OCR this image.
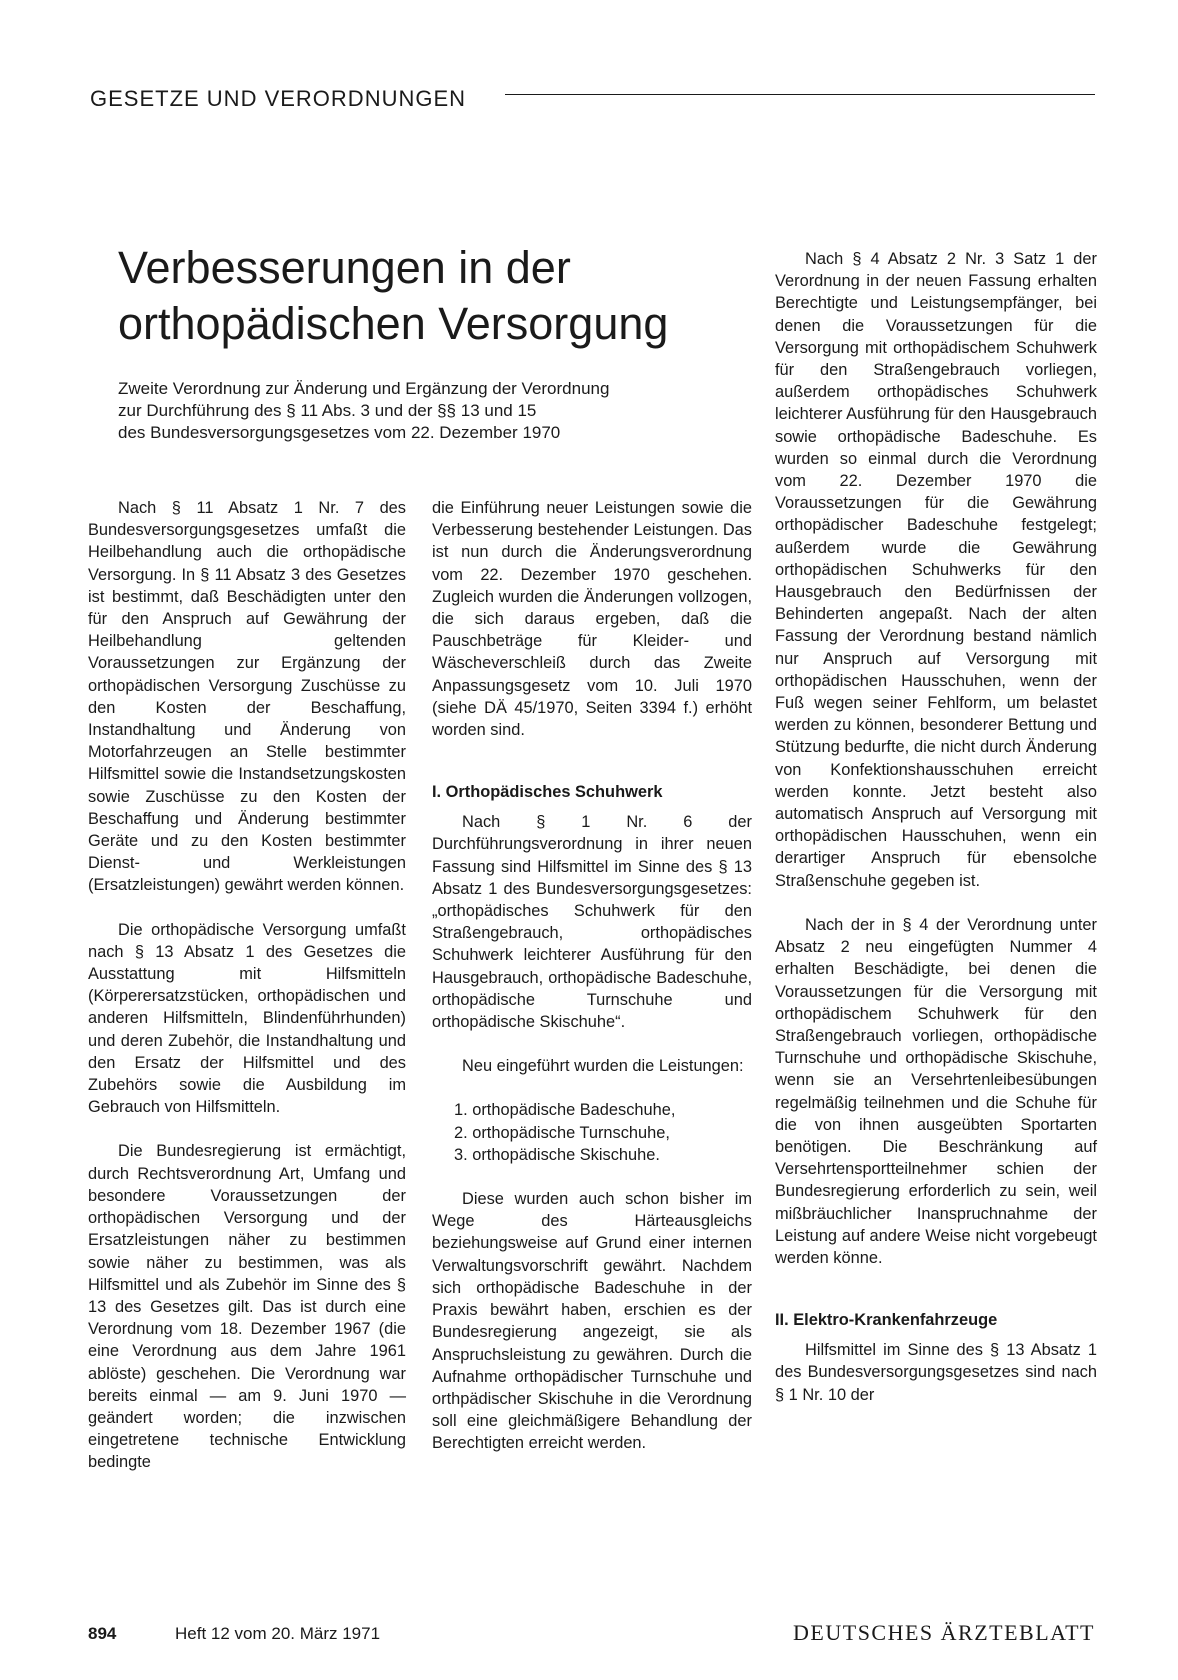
GESETZE UND VERORDNUNGEN
Verbesserungen in der
orthopädischen Versorgung
Zweite Verordnung zur Änderung und Ergänzung der Verordnung
zur Durchführung des § 11 Abs. 3 und der §§ 13 und 15
des Bundesversorgungsgesetzes vom 22. Dezember 1970

Nach § 11 Absatz 1 Nr. 7 des Bundesversorgungsgesetzes umfaßt die Heilbehandlung auch die orthopädische Versorgung. In § 11 Absatz 3 des Gesetzes ist bestimmt, daß Beschädigten unter den für den Anspruch auf Gewährung der Heilbehandlung geltenden Voraussetzungen zur Ergänzung der orthopädischen Versorgung Zuschüsse zu den Kosten der Beschaffung, Instandhaltung und Änderung von Motorfahrzeugen an Stelle bestimmter Hilfsmittel sowie die Instandsetzungskosten sowie Zuschüsse zu den Kosten der Beschaffung und Änderung bestimmter Geräte und zu den Kosten bestimmter Dienst- und Werkleistungen (Ersatzleistungen) gewährt werden können.

Die orthopädische Versorgung umfaßt nach § 13 Absatz 1 des Gesetzes die Ausstattung mit Hilfsmitteln (Körperersatzstücken, orthopädischen und anderen Hilfsmitteln, Blindenführhunden) und deren Zubehör, die Instandhaltung und den Ersatz der Hilfsmittel und des Zubehörs sowie die Ausbildung im Gebrauch von Hilfsmitteln.

Die Bundesregierung ist ermächtigt, durch Rechtsverordnung Art, Umfang und besondere Voraussetzungen der orthopädischen Versorgung und der Ersatzleistungen näher zu bestimmen sowie näher zu bestimmen, was als Hilfsmittel und als Zubehör im Sinne des § 13 des Gesetzes gilt. Das ist durch eine Verordnung vom 18. Dezember 1967 (die eine Verordnung aus dem Jahre 1961 ablöste) geschehen. Die Verordnung war bereits einmal — am 9. Juni 1970 — geändert worden; die inzwischen eingetretene technische Entwicklung bedingte

die Einführung neuer Leistungen sowie die Verbesserung bestehender Leistungen. Das ist nun durch die Änderungsverordnung vom 22. Dezember 1970 geschehen. Zugleich wurden die Änderungen vollzogen, die sich daraus ergeben, daß die Pauschbeträge für Kleider- und Wäscheverschleiß durch das Zweite Anpassungsgesetz vom 10. Juli 1970 (siehe DÄ 45/1970, Seiten 3394 f.) erhöht worden sind.

I. Orthopädisches Schuhwerk

Nach § 1 Nr. 6 der Durchführungsverordnung in ihrer neuen Fassung sind Hilfsmittel im Sinne des § 13 Absatz 1 des Bundesversorgungsgesetzes: „orthopädisches Schuhwerk für den Straßengebrauch, orthopädisches Schuhwerk leichterer Ausführung für den Hausgebrauch, orthopädische Badeschuhe, orthopädische Turnschuhe und orthopädische Skischuhe“.

Neu eingeführt wurden die Leistungen:

1. orthopädische Badeschuhe,
2. orthopädische Turnschuhe,
3. orthopädische Skischuhe.

Diese wurden auch schon bisher im Wege des Härteausgleichs beziehungsweise auf Grund einer internen Verwaltungsvorschrift gewährt. Nachdem sich orthopädische Badeschuhe in der Praxis bewährt haben, erschien es der Bundesregierung angezeigt, sie als Anspruchsleistung zu gewähren. Durch die Aufnahme orthopädischer Turnschuhe und orthpädischer Skischuhe in die Verordnung soll eine gleichmäßigere Behandlung der Berechtigten erreicht werden.

Nach § 4 Absatz 2 Nr. 3 Satz 1 der Verordnung in der neuen Fassung erhalten Berechtigte und Leistungsempfänger, bei denen die Voraussetzungen für die Versorgung mit orthopädischem Schuhwerk für den Straßengebrauch vorliegen, außerdem orthopädisches Schuhwerk leichterer Ausführung für den Hausgebrauch sowie orthopädische Badeschuhe. Es wurden so einmal durch die Verordnung vom 22. Dezember 1970 die Voraussetzungen für die Gewährung orthopädischer Badeschuhe festgelegt; außerdem wurde die Gewährung orthopädischen Schuhwerks für den Hausgebrauch den Bedürfnissen der Behinderten angepaßt. Nach der alten Fassung der Verordnung bestand nämlich nur Anspruch auf Versorgung mit orthopädischen Hausschuhen, wenn der Fuß wegen seiner Fehlform, um belastet werden zu können, besonderer Bettung und Stützung bedurfte, die nicht durch Änderung von Konfektionshausschuhen erreicht werden konnte. Jetzt besteht also automatisch Anspruch auf Versorgung mit orthopädischen Hausschuhen, wenn ein derartiger Anspruch für ebensolche Straßenschuhe gegeben ist.

Nach der in § 4 der Verordnung unter Absatz 2 neu eingefügten Nummer 4 erhalten Beschädigte, bei denen die Voraussetzungen für die Versorgung mit orthopädischem Schuhwerk für den Straßengebrauch vorliegen, orthopädische Turnschuhe und orthopädische Skischuhe, wenn sie an Versehrtenleibesübungen regelmäßig teilnehmen und die Schuhe für die von ihnen ausgeübten Sportarten benötigen. Die Beschränkung auf Versehrtensportteilnehmer schien der Bundesregierung erforderlich zu sein, weil mißbräuchlicher Inanspruchnahme der Leistung auf andere Weise nicht vorgebeugt werden könne.

II. Elektro-Krankenfahrzeuge

Hilfsmittel im Sinne des § 13 Absatz 1 des Bundesversorgungsgesetzes sind nach § 1 Nr. 10 der

894	Heft 12 vom 20. März 1971	DEUTSCHES ÄRZTEBLATT
